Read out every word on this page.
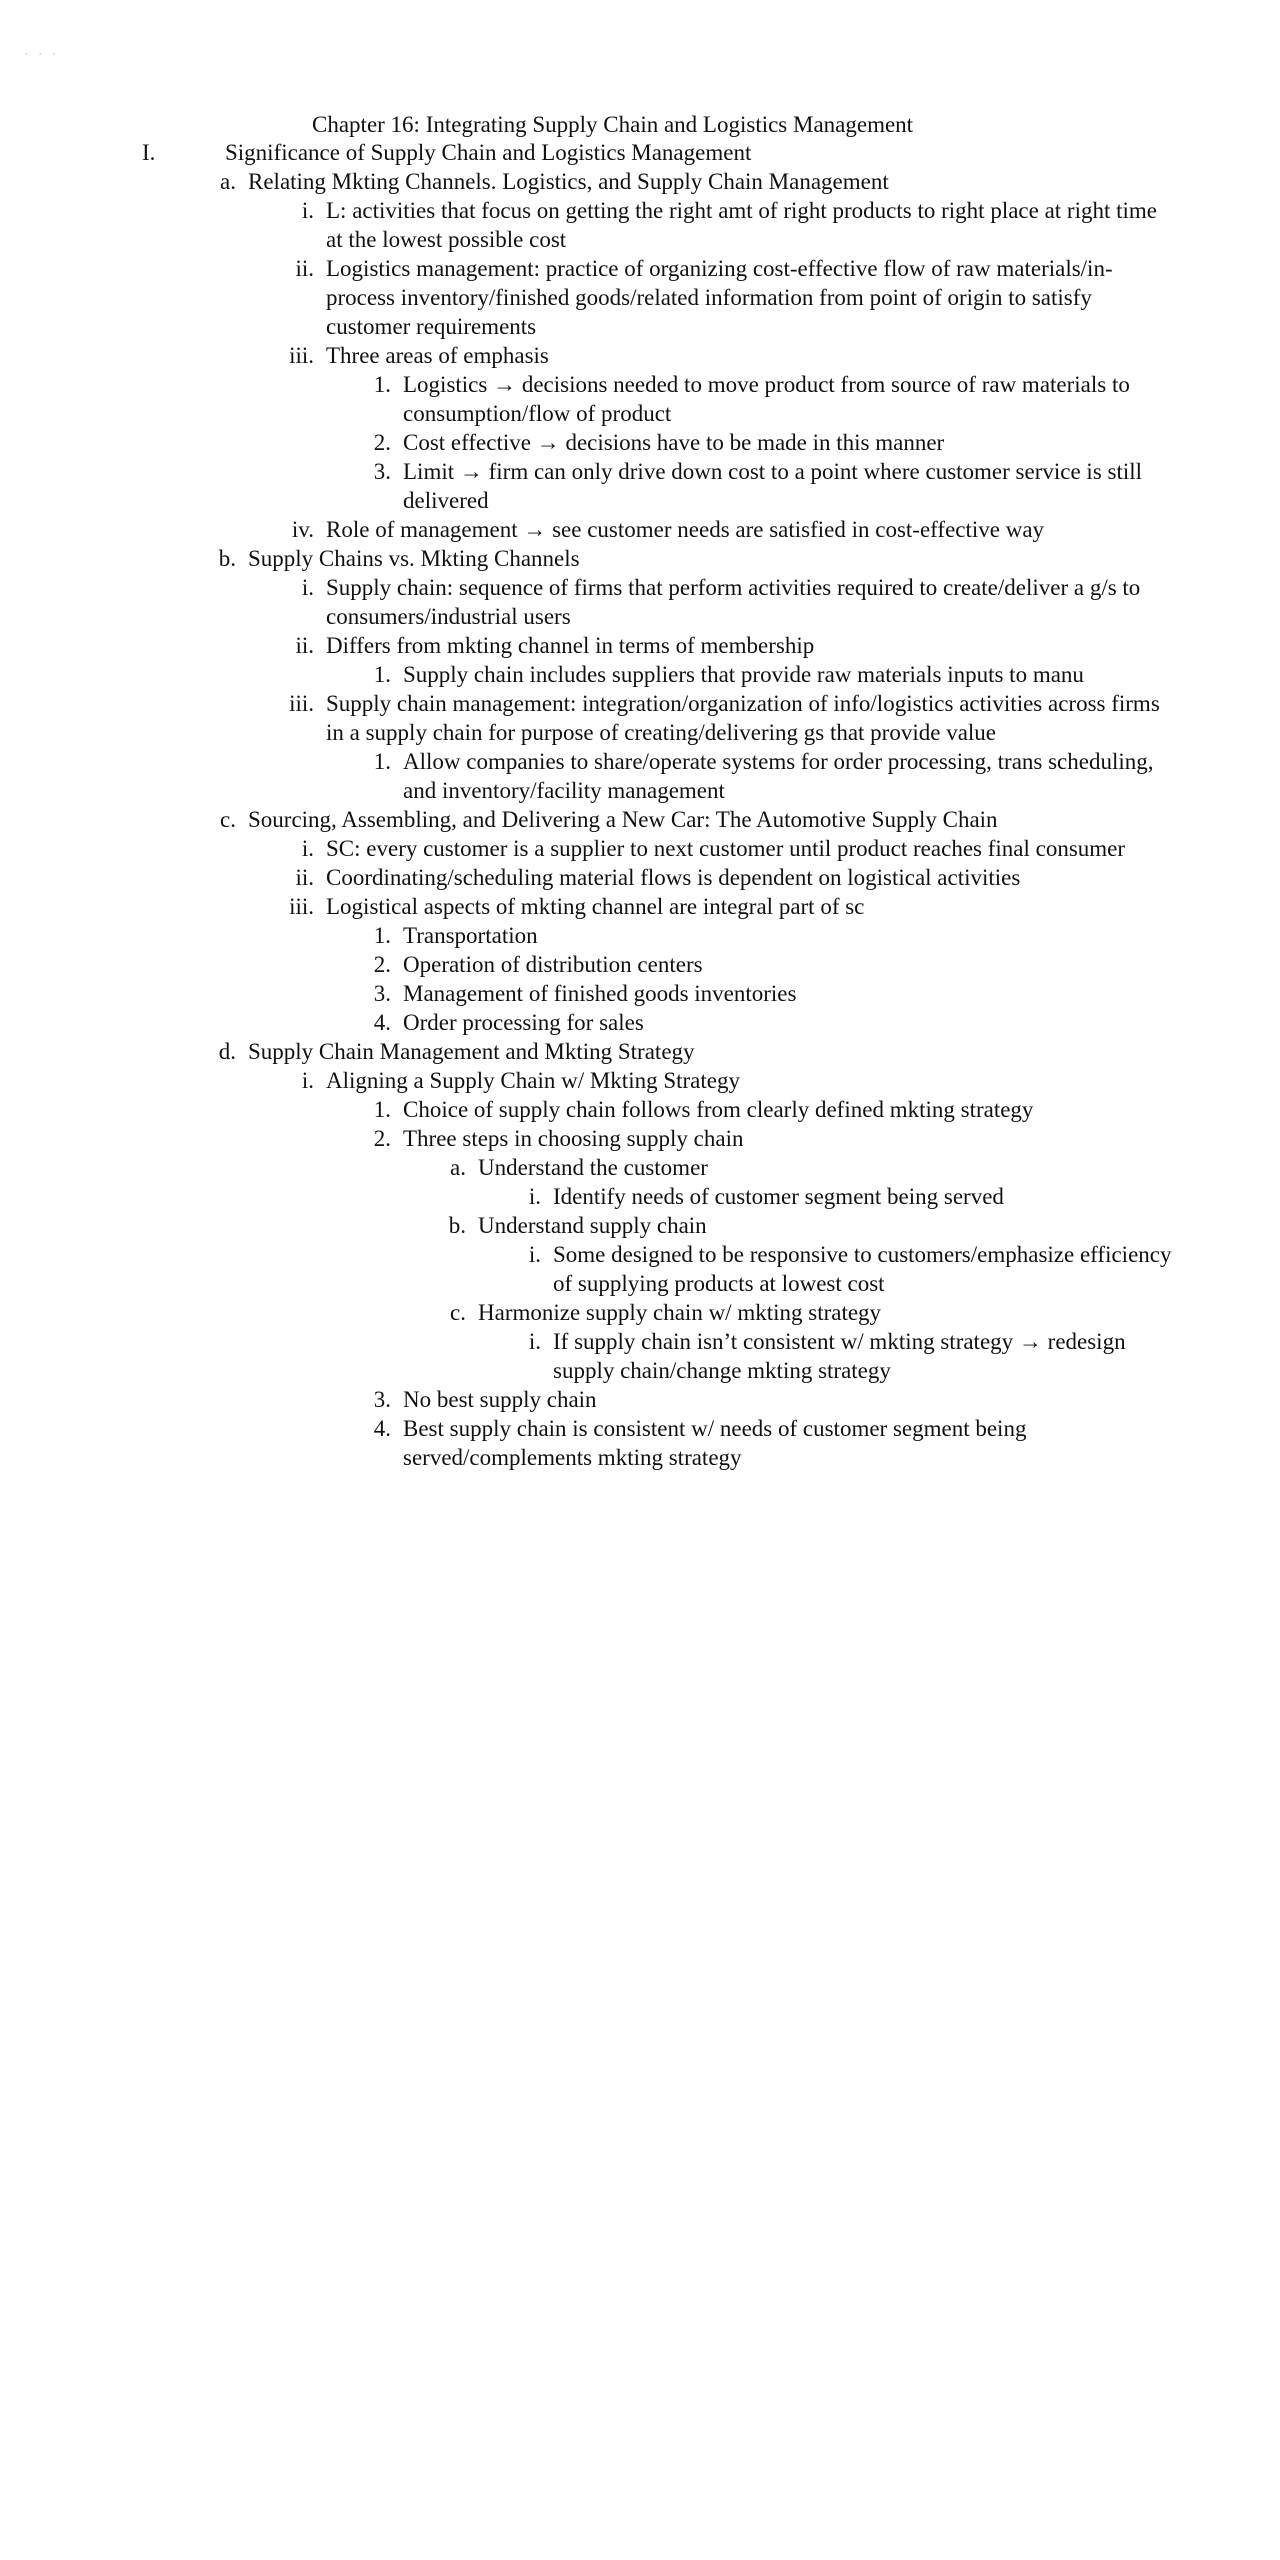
· · ·
Chapter 16: Integrating Supply Chain and Logistics Management
I.	Significance of Supply Chain and Logistics Management
a. Relating Mkting Channels. Logistics, and Supply Chain Management
i. L: activities that focus on getting the right amt of right products to right place at right time at the lowest possible cost
ii. Logistics management: practice of organizing cost-effective flow of raw materials/in-process inventory/finished goods/related information from point of origin to satisfy customer requirements
iii. Three areas of emphasis
1. Logistics → decisions needed to move product from source of raw materials to consumption/flow of product
2. Cost effective → decisions have to be made in this manner
3. Limit → firm can only drive down cost to a point where customer service is still delivered
iv. Role of management → see customer needs are satisfied in cost-effective way
b. Supply Chains vs. Mkting Channels
i. Supply chain: sequence of firms that perform activities required to create/deliver a g/s to consumers/industrial users
ii. Differs from mkting channel in terms of membership
1. Supply chain includes suppliers that provide raw materials inputs to manu
iii. Supply chain management: integration/organization of info/logistics activities across firms in a supply chain for purpose of creating/delivering gs that provide value
1. Allow companies to share/operate systems for order processing, trans scheduling, and inventory/facility management
c. Sourcing, Assembling, and Delivering a New Car: The Automotive Supply Chain
i. SC: every customer is a supplier to next customer until product reaches final consumer
ii. Coordinating/scheduling material flows is dependent on logistical activities
iii. Logistical aspects of mkting channel are integral part of sc
1. Transportation
2. Operation of distribution centers
3. Management of finished goods inventories
4. Order processing for sales
d. Supply Chain Management and Mkting Strategy
i. Aligning a Supply Chain w/ Mkting Strategy
1. Choice of supply chain follows from clearly defined mkting strategy
2. Three steps in choosing supply chain
a. Understand the customer
i. Identify needs of customer segment being served
b. Understand supply chain
i. Some designed to be responsive to customers/emphasize efficiency of supplying products at lowest cost
c. Harmonize supply chain w/ mkting strategy
i. If supply chain isn’t consistent w/ mkting strategy → redesign supply chain/change mkting strategy
3. No best supply chain
4. Best supply chain is consistent w/ needs of customer segment being served/complements mkting strategy
